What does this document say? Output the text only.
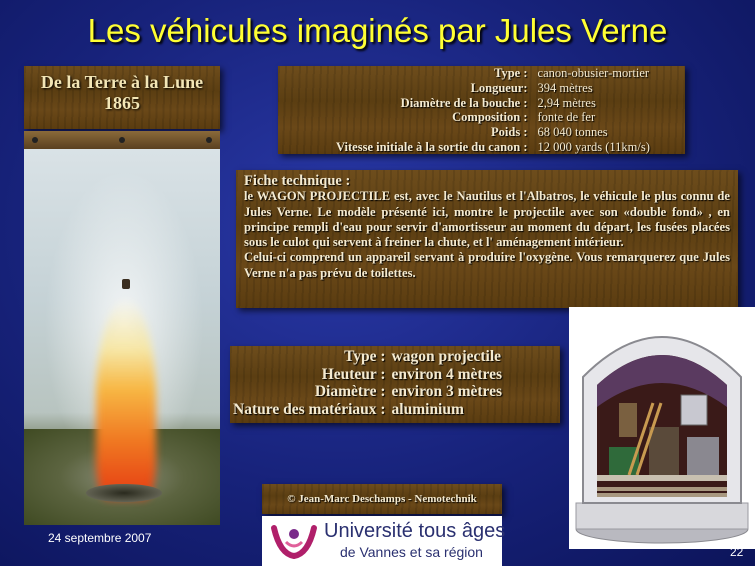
Les véhicules imaginés par Jules Verne
De la Terre à la Lune
1865
Type :	canon-obusier-mortier
Longueur:	394 mètres
Diamètre de la bouche :	2,94 mètres
Composition :	fonte de fer
Poids :	68 040 tonnes
Vitesse initiale à la sortie du canon :	12 000 yards (11km/s)
Fiche technique :
le WAGON PROJECTILE est, avec le Nautilus et l'Albatros, le véhicule le plus connu de Jules Verne. Le modèle présenté ici, montre le projectile avec son «double fond» , en principe rempli d'eau pour servir d'amortisseur au moment du départ, les fusées placées sous le culot qui servent à freiner la chute, et l' aménagement intérieur.
Celui-ci comprend un appareil servant à produire l'oxygène. Vous remarquerez que Jules Verne n'a pas prévu de toilettes.
Type :	wagon projectile
Heuteur :	environ 4 mètres
Diamètre :	environ 3 mètres
Nature des matériaux :	aluminium
© Jean-Marc Deschamps - Nemotechnik
Université tous âges
de Vannes et sa région
24 septembre 2007
22
